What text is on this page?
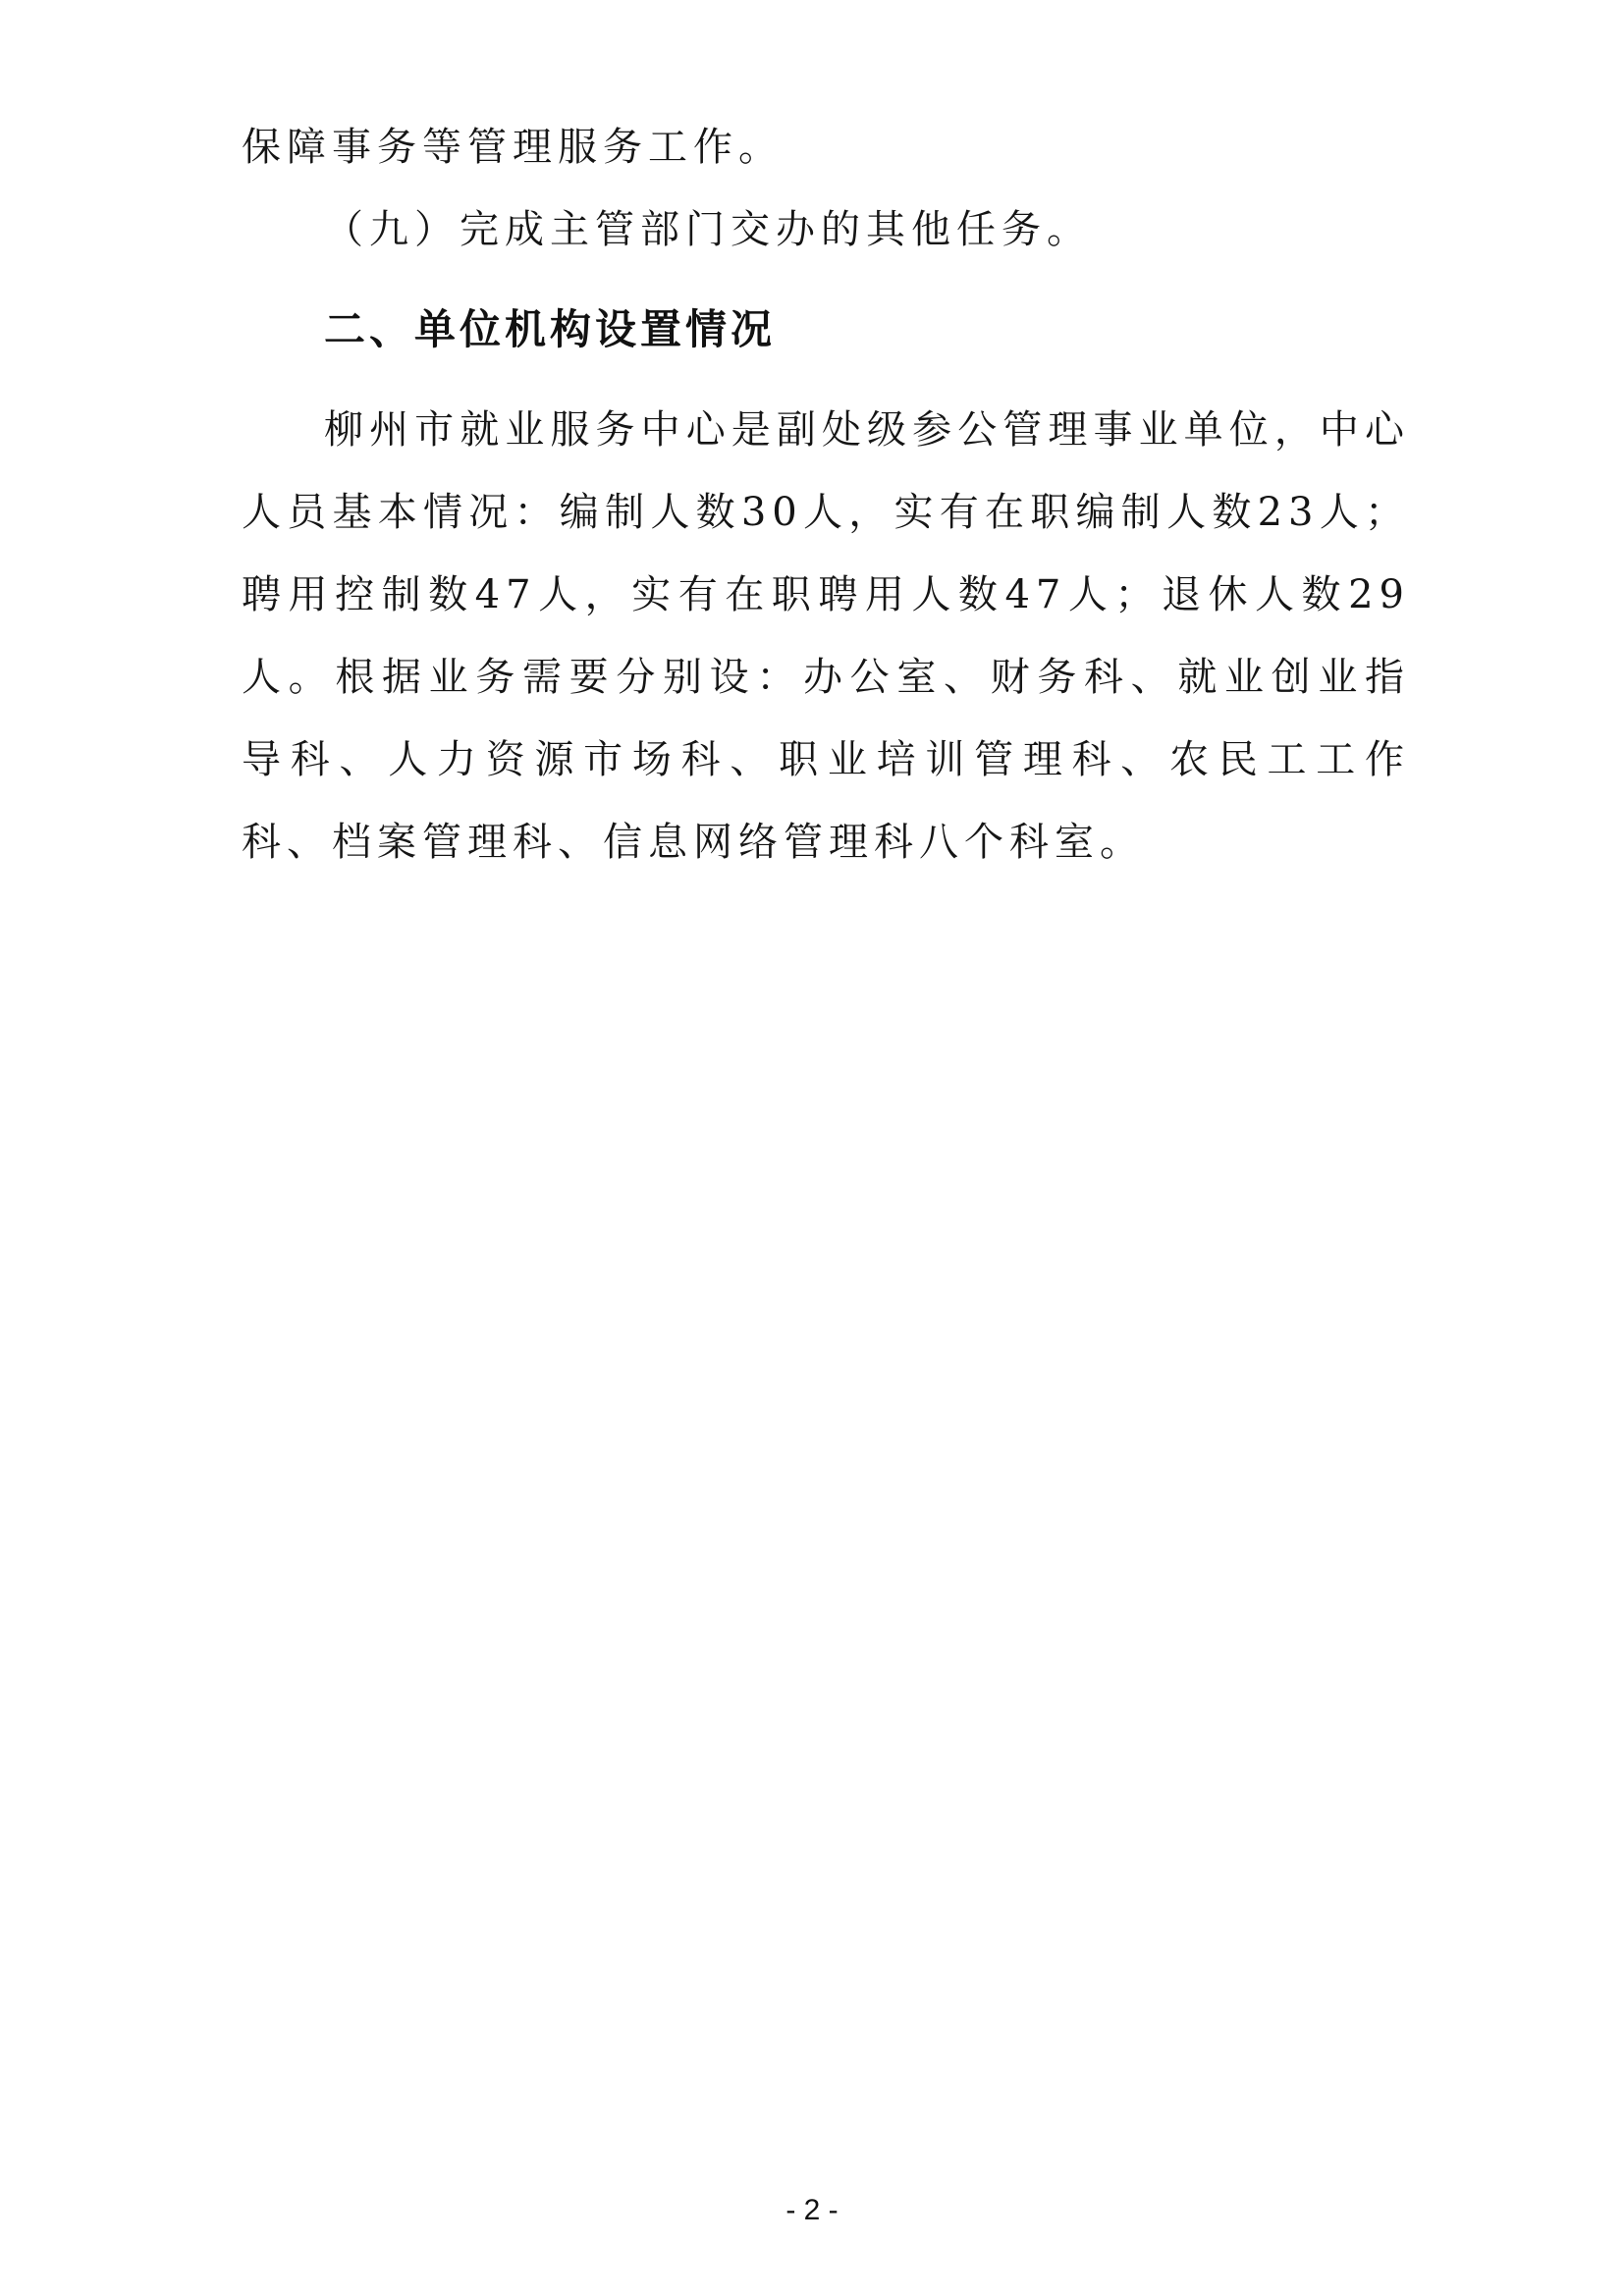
保障事务等管理服务工作。

（九）完成主管部门交办的其他任务。

二、单位机构设置情况

柳州市就业服务中心是副处级参公管理事业单位，中心人员基本情况：编制人数30人，实有在职编制人数23人；聘用控制数47人，实有在职聘用人数47人；退休人数29人。根据业务需要分别设：办公室、财务科、就业创业指导科、人力资源市场科、职业培训管理科、农民工工作科、档案管理科、信息网络管理科八个科室。

- 2 -
